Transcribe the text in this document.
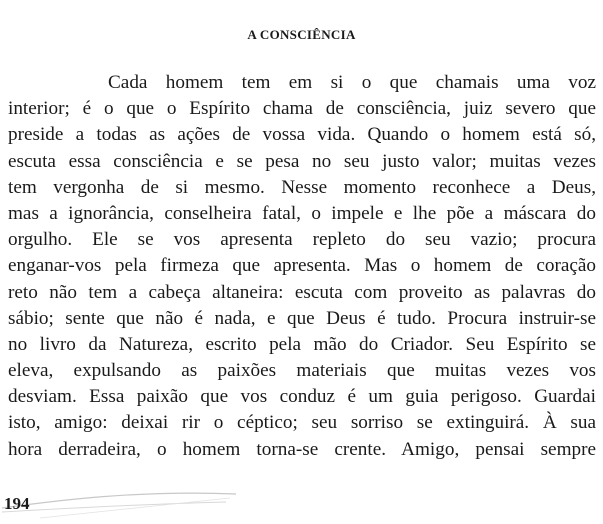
A CONSCIÊNCIA
Cada homem tem em si o que chamais uma voz
interior; é o que o Espírito chama de consciência, juiz severo que
preside a todas as ações de vossa vida. Quando o homem está só,
escuta essa consciência e se pesa no seu justo valor; muitas vezes
tem vergonha de si mesmo. Nesse momento reconhece a Deus,
mas a ignorância, conselheira fatal, o impele e lhe põe a máscara do
orgulho. Ele se vos apresenta repleto do seu vazio; procura
enganar-vos pela firmeza que apresenta. Mas o homem de coração
reto não tem a cabeça altaneira: escuta com proveito as palavras do
sábio; sente que não é nada, e que Deus é tudo. Procura instruir-se
no livro da Natureza, escrito pela mão do Criador. Seu Espírito se
eleva, expulsando as paixões materiais que muitas vezes vos
desviam. Essa paixão que vos conduz é um guia perigoso. Guardai
isto, amigo: deixai rir o céptico; seu sorriso se extinguirá. À sua
hora derradeira, o homem torna-se crente. Amigo, pensai sempre
194
